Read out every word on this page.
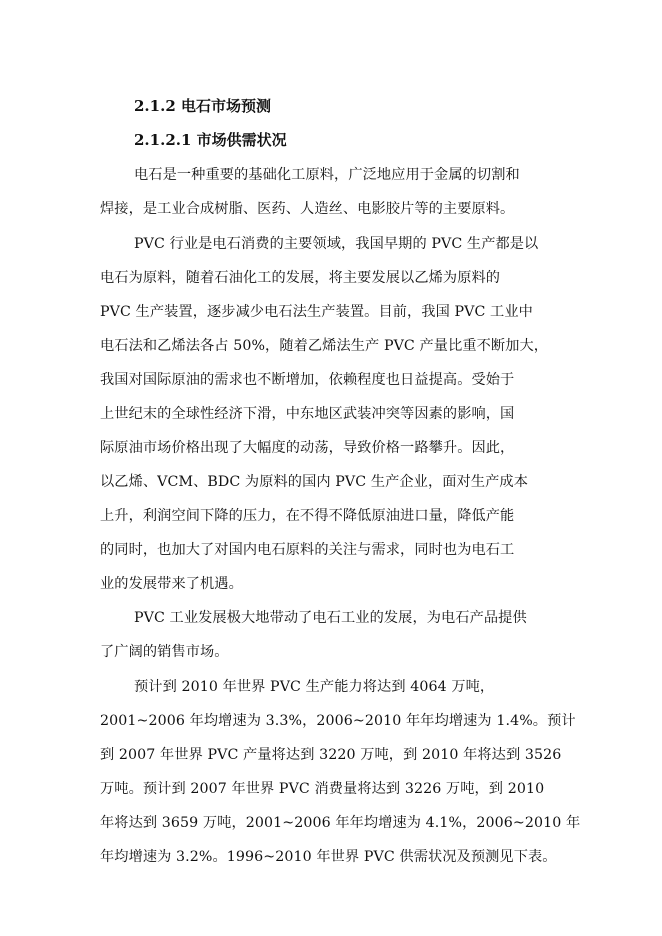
2.1.2 电石市场预测
2.1.2.1 市场供需状况
电石是一种重要的基础化工原料，广泛地应用于金属的切割和
焊接，是工业合成树脂、医药、人造丝、电影胶片等的主要原料。
PVC 行业是电石消费的主要领域，我国早期的 PVC 生产都是以
电石为原料，随着石油化工的发展，将主要发展以乙烯为原料的
PVC 生产装置，逐步减少电石法生产装置。目前，我国 PVC 工业中
电石法和乙烯法各占 50%，随着乙烯法生产 PVC 产量比重不断加大，
我国对国际原油的需求也不断增加，依赖程度也日益提高。受始于
上世纪末的全球性经济下滑，中东地区武装冲突等因素的影响，国
际原油市场价格出现了大幅度的动荡，导致价格一路攀升。因此，
以乙烯、VCM、BDC 为原料的国内 PVC 生产企业，面对生产成本
上升，利润空间下降的压力，在不得不降低原油进口量，降低产能
的同时，也加大了对国内电石原料的关注与需求，同时也为电石工
业的发展带来了机遇。
PVC 工业发展极大地带动了电石工业的发展，为电石产品提供
了广阔的销售市场。
预计到 2010 年世界 PVC 生产能力将达到 4064 万吨，
2001~2006 年均增速为 3.3%，2006~2010 年年均增速为 1.4%。预计
到 2007 年世界 PVC 产量将达到 3220 万吨，到 2010 年将达到 3526
万吨。预计到 2007 年世界 PVC 消费量将达到 3226 万吨，到 2010
年将达到 3659 万吨，2001~2006 年年均增速为 4.1%，2006~2010 年
年均增速为 3.2%。1996~2010 年世界 PVC 供需状况及预测见下表。
